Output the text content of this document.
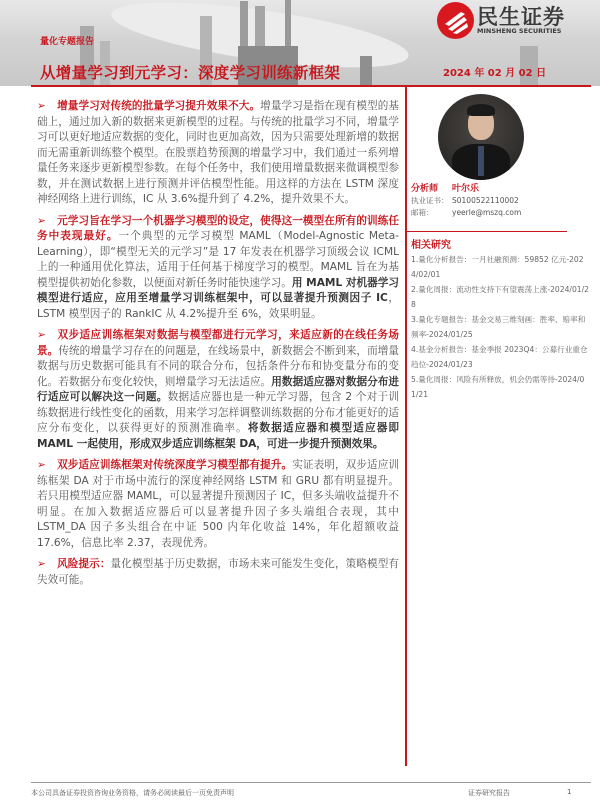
量化专题报告
从增量学习到元学习：深度学习训练新框架	2024 年 02 月 02 日
民生证券
MINSHENG SECURITIES
➢ 增量学习对传统的批量学习提升效果不大。增量学习是指在现有模型的基础上，通过加入新的数据来更新模型的过程。与传统的批量学习不同，增量学习可以更好地适应数据的变化，同时也更加高效，因为只需要处理新增的数据而无需重新训练整个模型。在股票趋势预测的增量学习中，我们通过一系列增量任务来逐步更新模型参数。在每个任务中，我们使用增量数据来微调模型参数，并在测试数据上进行预测并评估模型性能。用这样的方法在 LSTM 深度神经网络上进行训练，IC 从 3.6%提升到了 4.2%，提升效果不大。
➢ 元学习旨在学习一个机器学习模型的设定，使得这一模型在所有的训练任务中表现最好。一个典型的元学习模型 MAML（Model-Agnostic Meta-Learning），即“模型无关的元学习”是 17 年发表在机器学习顶级会议 ICML 上的一种通用优化算法，适用于任何基于梯度学习的模型。MAML 旨在为基模型提供初始化参数，以便面对新任务时能快速学习。用 MAML 对机器学习模型进行适应，应用至增量学习训练框架中，可以显著提升预测因子 IC，LSTM 模型因子的 RankIC 从 4.2%提升至 6%，效果明显。
➢ 双步适应训练框架对数据与模型都进行元学习，来适应新的在线任务场景。传统的增量学习存在的问题是，在线场景中，新数据会不断到来，而增量数据与历史数据可能具有不同的联合分布，包括条件分布和协变量分布的变化。若数据分布变化较快，则增量学习无法适应。用数据适应器对数据分布进行适应可以解决这一问题。数据适应器也是一种元学习器，包含 2 个对于训练数据进行线性变化的函数，用来学习怎样调整训练数据的分布才能更好的适应分布变化，以获得更好的预测准确率。将数据适应器和模型适应器即 MAML 一起使用，形成双步适应训练框架 DA，可进一步提升预测效果。
➢ 双步适应训练框架对传统深度学习模型都有提升。实证表明，双步适应训练框架 DA 对于市场中流行的深度神经网络 LSTM 和 GRU 都有明显提升。若只用模型适应器 MAML，可以显著提升预测因子 IC，但多头端收益提升不明显。在加入数据适应器后可以显著提升因子多头端组合表现，其中 LSTM_DA 因子多头组合在中证 500 内年化收益 14%，年化超额收益 17.6%，信息比率 2.37，表现优秀。
➢ 风险提示：量化模型基于历史数据，市场未来可能发生变化，策略模型有失效可能。
分析师 叶尔乐
执业证书： S0100522110002
邮箱： yeerle@mszq.com
相关研究
1.量化分析报告：一月社融预测：59852 亿元-2024/02/01
2.量化周报：流动性支持下有望震荡上涨-2024/01/28
3.量化专题报告：基金交易三维刻画：胜率、赔率和频率-2024/01/25
4.基金分析报告：基金季报 2023Q4：公募行业重仓趋位-2024/01/23
5.量化周报：风险有所释放，机会仍需等待-2024/01/21
本公司具备证券投资咨询业务资格，请务必阅读最后一页免责声明	证券研究报告	1
